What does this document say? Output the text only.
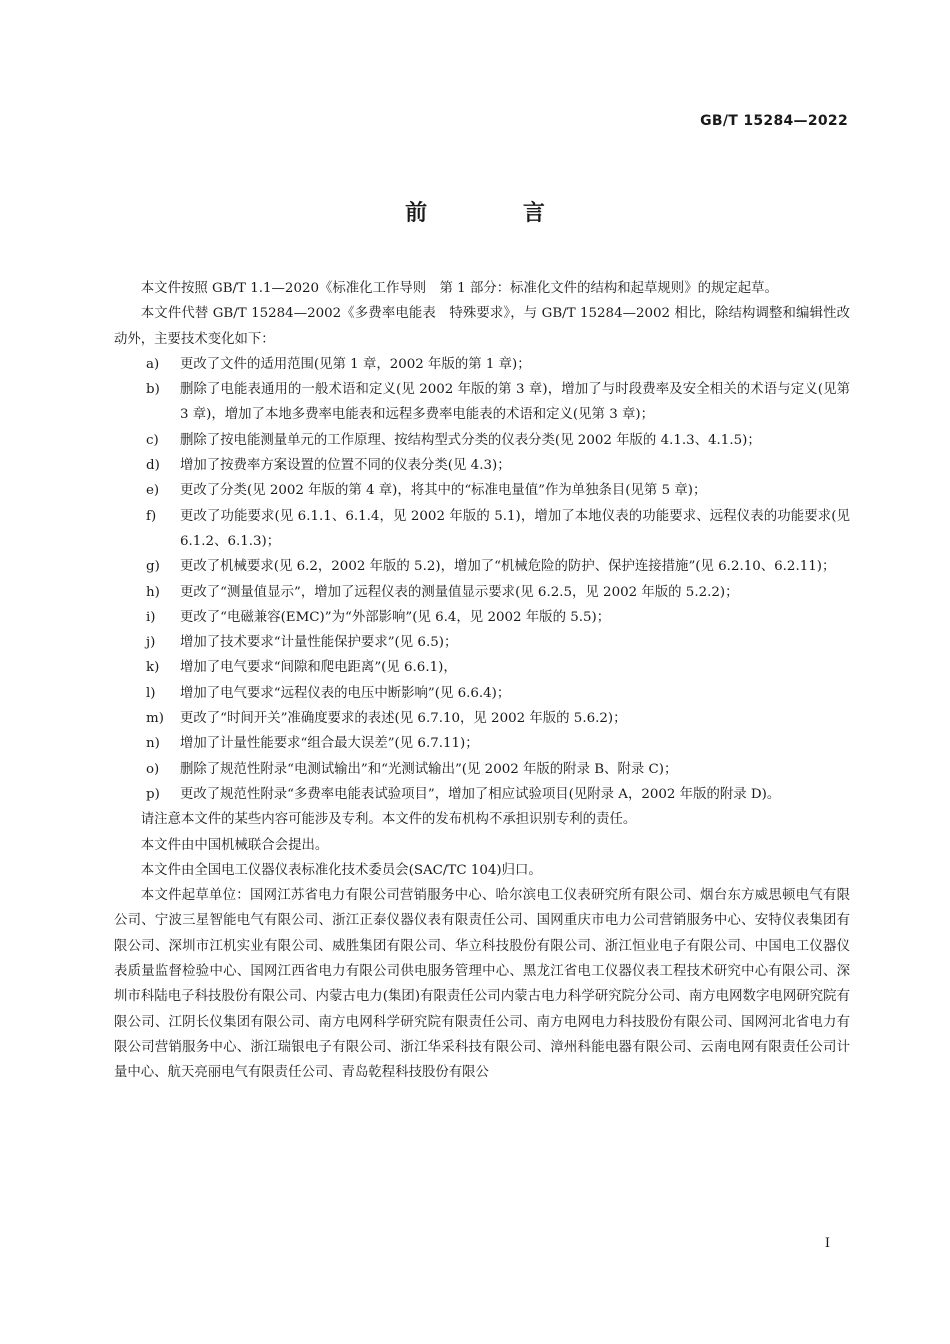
GB/T 15284—2022
前 言

本文件按照 GB/T 1.1—2020《标准化工作导则　第 1 部分：标准化文件的结构和起草规则》的规定起草。

本文件代替 GB/T 15284—2002《多费率电能表　特殊要求》，与 GB/T 15284—2002 相比，除结构调整和编辑性改动外，主要技术变化如下：

a) 更改了文件的适用范围(见第 1 章，2002 年版的第 1 章)；
b) 删除了电能表通用的一般术语和定义(见 2002 年版的第 3 章)，增加了与时段费率及安全相关的术语与定义(见第 3 章)，增加了本地多费率电能表和远程多费率电能表的术语和定义(见第 3 章)；
c) 删除了按电能测量单元的工作原理、按结构型式分类的仪表分类(见 2002 年版的 4.1.3、4.1.5)；
d) 增加了按费率方案设置的位置不同的仪表分类(见 4.3)；
e) 更改了分类(见 2002 年版的第 4 章)，将其中的“标准电量值”作为单独条目(见第 5 章)；
f) 更改了功能要求(见 6.1.1、6.1.4，见 2002 年版的 5.1)，增加了本地仪表的功能要求、远程仪表的功能要求(见 6.1.2、6.1.3)；
g) 更改了机械要求(见 6.2，2002 年版的 5.2)，增加了“机械危险的防护、保护连接措施”(见 6.2.10、6.2.11)；
h) 更改了“测量值显示”，增加了远程仪表的测量值显示要求(见 6.2.5，见 2002 年版的 5.2.2)；
i) 更改了“电磁兼容(EMC)”为“外部影响”(见 6.4，见 2002 年版的 5.5)；
j) 增加了技术要求“计量性能保护要求”(见 6.5)；
k) 增加了电气要求“间隙和爬电距离”(见 6.6.1)，
l) 增加了电气要求“远程仪表的电压中断影响”(见 6.6.4)；
m) 更改了“时间开关”准确度要求的表述(见 6.7.10，见 2002 年版的 5.6.2)；
n) 增加了计量性能要求“组合最大误差”(见 6.7.11)；
o) 删除了规范性附录“电测试输出”和“光测试输出”(见 2002 年版的附录 B、附录 C)；
p) 更改了规范性附录“多费率电能表试验项目”，增加了相应试验项目(见附录 A，2002 年版的附录 D)。

请注意本文件的某些内容可能涉及专利。本文件的发布机构不承担识别专利的责任。

本文件由中国机械联合会提出。

本文件由全国电工仪器仪表标准化技术委员会(SAC/TC 104)归口。

本文件起草单位：国网江苏省电力有限公司营销服务中心、哈尔滨电工仪表研究所有限公司、烟台东方威思顿电气有限公司、宁波三星智能电气有限公司、浙江正泰仪器仪表有限责任公司、国网重庆市电力公司营销服务中心、安特仪表集团有限公司、深圳市江机实业有限公司、威胜集团有限公司、华立科技股份有限公司、浙江恒业电子有限公司、中国电工仪器仪表质量监督检验中心、国网江西省电力有限公司供电服务管理中心、黑龙江省电工仪器仪表工程技术研究中心有限公司、深圳市科陆电子科技股份有限公司、内蒙古电力(集团)有限责任公司内蒙古电力科学研究院分公司、南方电网数字电网研究院有限公司、江阴长仪集团有限公司、南方电网科学研究院有限责任公司、南方电网电力科技股份有限公司、国网河北省电力有限公司营销服务中心、浙江瑞银电子有限公司、浙江华采科技有限公司、漳州科能电器有限公司、云南电网有限责任公司计量中心、航天亮丽电气有限责任公司、青岛乾程科技股份有限公

Ⅰ
